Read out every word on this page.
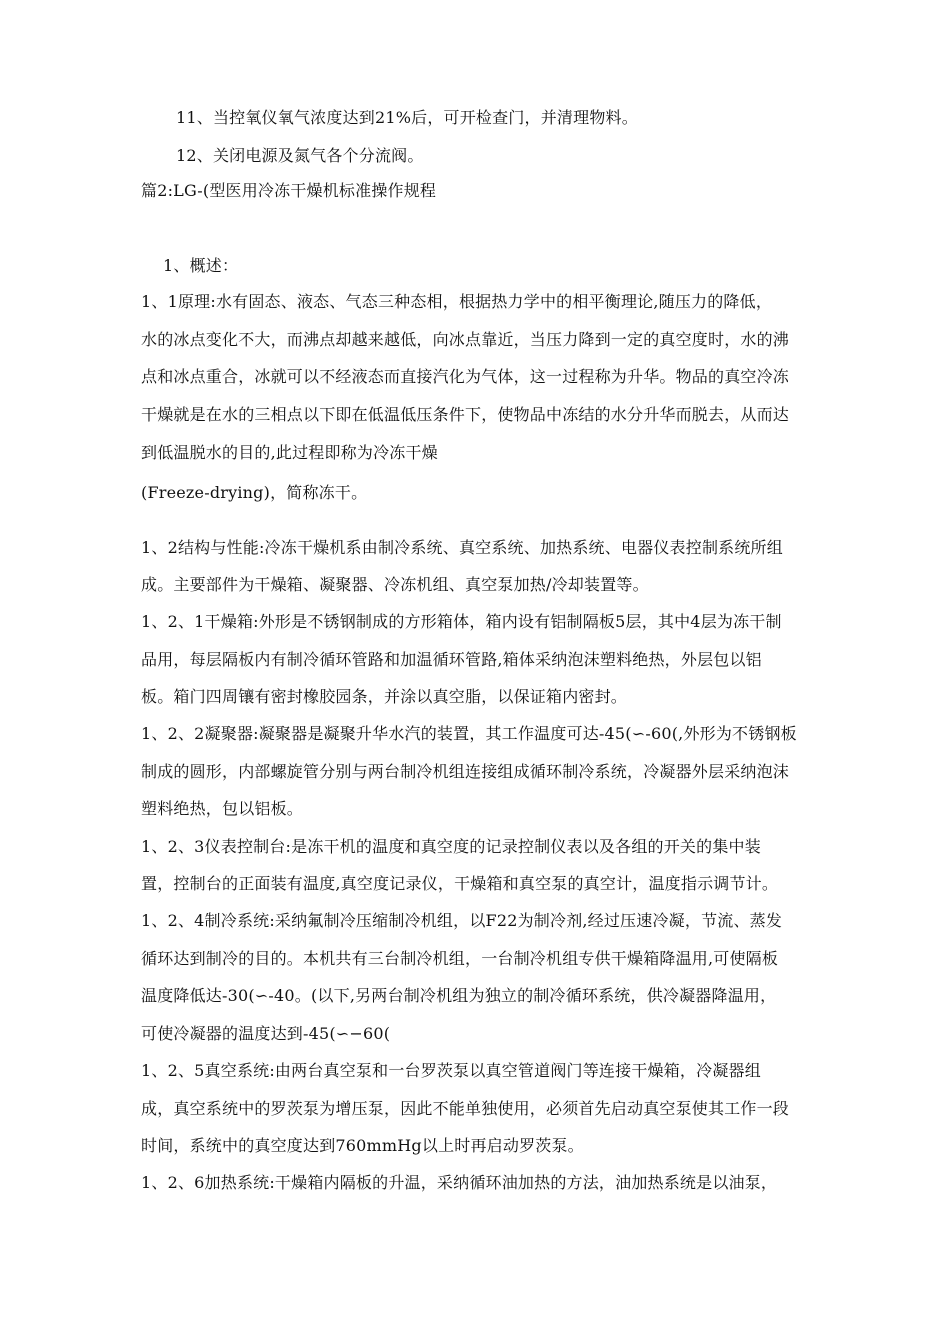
11、当控氧仪氧气浓度达到21%后，可开检查门，并清理物料。
12、关闭电源及氮气各个分流阀。
篇2:LG-(型医用冷冻干燥机标准操作规程
1、概述：
1、1原理:水有固态、液态、气态三种态相，根据热力学中的相平衡理论,随压力的降低，
水的冰点变化不大，而沸点却越来越低，向冰点靠近，当压力降到一定的真空度时，水的沸
点和冰点重合，冰就可以不经液态而直接汽化为气体，这一过程称为升华。物品的真空冷冻
干燥就是在水的三相点以下即在低温低压条件下，使物品中冻结的水分升华而脱去，从而达
到低温脱水的目的,此过程即称为冷冻干燥
(Freeze-drying)，简称冻干。
1、2结构与性能:冷冻干燥机系由制冷系统、真空系统、加热系统、电器仪表控制系统所组
成。主要部件为干燥箱、凝聚器、冷冻机组、真空泵加热/冷却装置等。
1、2、1干燥箱:外形是不锈钢制成的方形箱体，箱内设有铝制隔板5层，其中4层为冻干制
品用，每层隔板内有制冷循环管路和加温循环管路,箱体采纳泡沫塑料绝热，外层包以铝
板。箱门四周镶有密封橡胶园条，并涂以真空脂，以保证箱内密封。
1、2、2凝聚器:凝聚器是凝聚升华水汽的装置，其工作温度可达-45(∽-60(,外形为不锈钢板
制成的圆形，内部螺旋管分别与两台制冷机组连接组成循环制冷系统，冷凝器外层采纳泡沫
塑料绝热，包以铝板。
1、2、3仪表控制台:是冻干机的温度和真空度的记录控制仪表以及各组的开关的集中装
置，控制台的正面装有温度,真空度记录仪，干燥箱和真空泵的真空计，温度指示调节计。
1、2、4制冷系统:采纳氟制冷压缩制冷机组，以F22为制冷剂,经过压速冷凝，节流、蒸发
循环达到制冷的目的。本机共有三台制冷机组，一台制冷机组专供干燥箱降温用,可使隔板
温度降低达-30(∽-40。(以下,另两台制冷机组为独立的制冷循环系统，供冷凝器降温用，
可使冷凝器的温度达到-45(∽−60(
1、2、5真空系统:由两台真空泵和一台罗茨泵以真空管道阀门等连接干燥箱，冷凝器组
成，真空系统中的罗茨泵为增压泵，因此不能单独使用，必须首先启动真空泵使其工作一段
时间，系统中的真空度达到760mmHg以上时再启动罗茨泵。
1、2、6加热系统:干燥箱内隔板的升温，采纳循环油加热的方法，油加热系统是以油泵，
